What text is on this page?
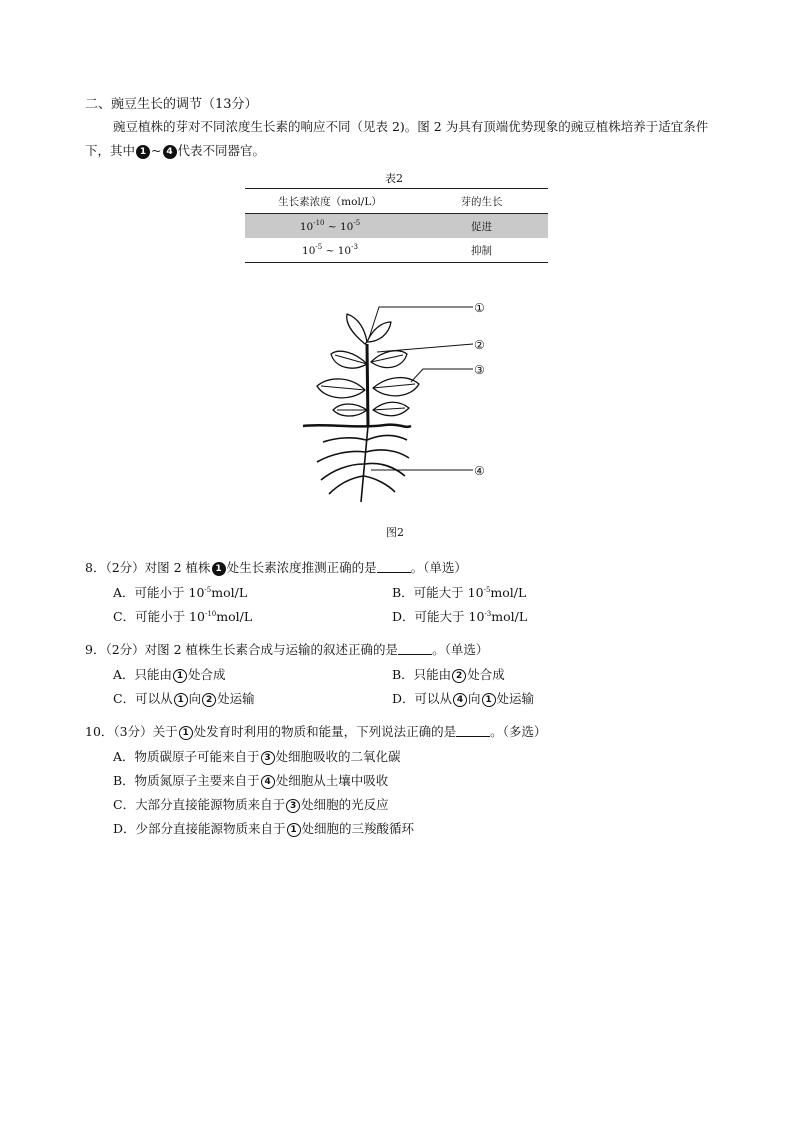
二、豌豆生长的调节（13分）
豌豆植株的芽对不同浓度生长素的响应不同（见表 2)。图 2 为具有顶端优势现象的豌豆植株培养于适宜条件下，其中 1 ~ 4 代表不同器官。
表2
生长素浓度（mol/L）	芽的生长
$10^{-10}$ ~ $10^{-5}$	促进
$10^{-5}$ ~ $10^{-3}$	抑制
①
②
③
④
图2
8．（2分）对图 2 植株 1 处生长素浓度推测正确的是	。（单选）
A．可能小于 $10^{-5}mol/L$	B．可能大于 $10^{-5}mol/L$
C．可能小于 $10^{-10}mol/L$	D．可能大于 $10^{-3}mol/L$
9．（2分）对图 2 植株生长素合成与运输的叙述正确的是	。（单选）
A．只能由 1 处合成	B．只能由 2 处合成
C．可以从 1 向 2 处运输	D．可以从 4 向 1 处运输
10．（3分）关于 1 处发育时利用的物质和能量，下列说法正确的是	。（多选）
A．物质碳原子可能来自于 3 处细胞吸收的二氧化碳
B．物质氮原子主要来自于 4 处细胞从土壤中吸收
C．大部分直接能源物质来自于 3 处细胞的光反应
D．少部分直接能源物质来自于 1 处细胞的三羧酸循环
